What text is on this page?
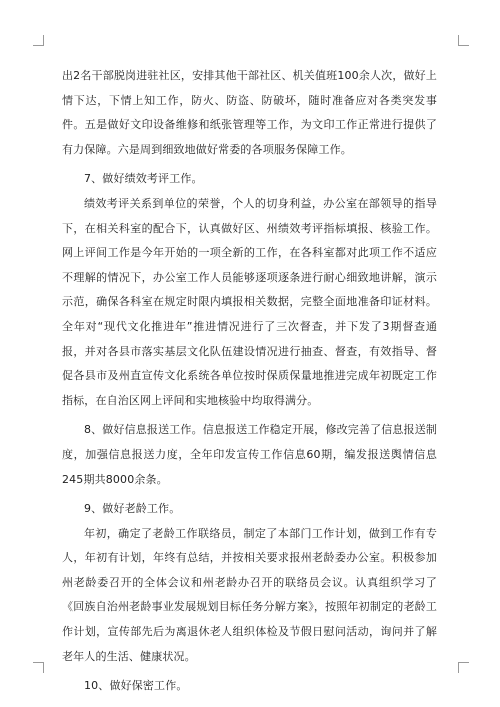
出2名干部脱岗进驻社区，安排其他干部社区、机关值班100余人次，做好上情下达，下情上知工作，防火、防盗、防破坏，随时准备应对各类突发事件。五是做好文印设备维修和纸张管理等工作，为文印工作正常进行提供了有力保障。六是周到细致地做好常委的各项服务保障工作。

7、做好绩效考评工作。

绩效考评关系到单位的荣誉，个人的切身利益，办公室在部领导的指导下，在相关科室的配合下，认真做好区、州绩效考评指标填报、核验工作。网上评间工作是今年开始的一项全新的工作，在各科室都对此项工作不适应不理解的情况下，办公室工作人员能够逐项逐条进行耐心细致地讲解，演示示范，确保各科室在规定时限内填报相关数据，完整全面地准备印证材料。全年对“现代文化推进年”推进情况进行了三次督查，并下发了3期督查通报，并对各县市落实基层文化队伍建设情况进行抽查、督查，有效指导、督促各县市及州直宣传文化系统各单位按时保质保量地推进完成年初既定工作指标，在自治区网上评间和实地核验中均取得满分。

8、做好信息报送工作。信息报送工作稳定开展，修改完善了信息报送制度，加强信息报送力度，全年印发宣传工作信息60期，编发报送舆情信息245期共8000余条。

9、做好老龄工作。

年初，确定了老龄工作联络员，制定了本部门工作计划，做到工作有专人，年初有计划，年终有总结，并按相关要求报州老龄委办公室。积极参加州老龄委召开的全体会议和州老龄办召开的联络员会议。认真组织学习了《回族自治州老龄事业发展规划目标任务分解方案》，按照年初制定的老龄工作计划，宣传部先后为离退休老人组织体检及节假日慰问活动，询问并了解老年人的生活、健康状况。

10、做好保密工作。
